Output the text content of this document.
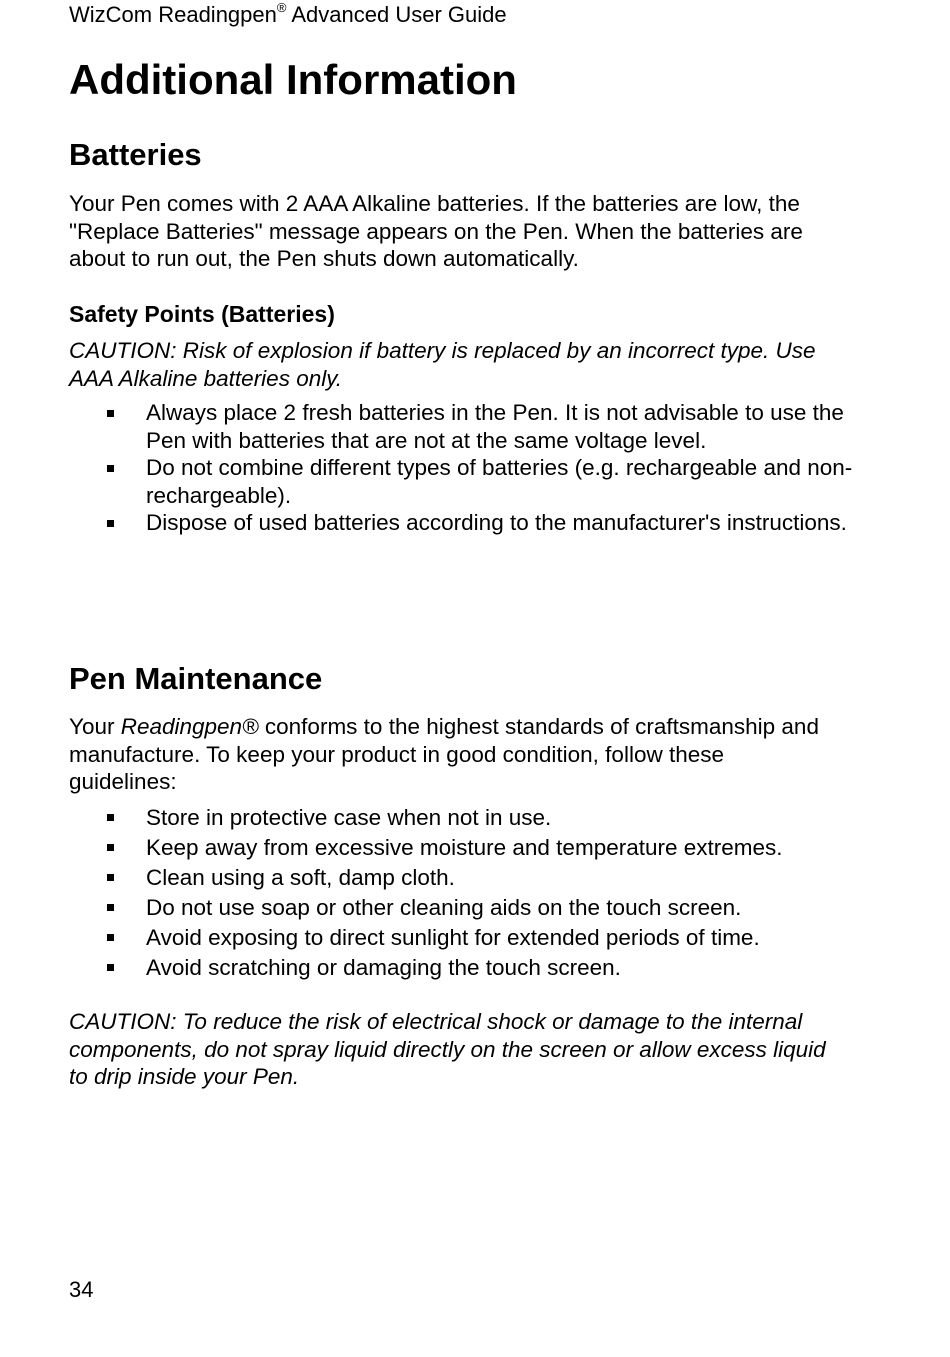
WizCom Readingpen® Advanced User Guide
Additional Information
Batteries

Your Pen comes with 2 AAA Alkaline batteries. If the batteries are low, the "Replace Batteries" message appears on the Pen. When the batteries are about to run out, the Pen shuts down automatically.

Safety Points (Batteries)

CAUTION: Risk of explosion if battery is replaced by an incorrect type. Use AAA Alkaline batteries only.

Always place 2 fresh batteries in the Pen. It is not advisable to use the Pen with batteries that are not at the same voltage level.
Do not combine different types of batteries (e.g. rechargeable and non-rechargeable).
Dispose of used batteries according to the manufacturer's instructions.
Pen Maintenance

Your Readingpen® conforms to the highest standards of craftsmanship and manufacture. To keep your product in good condition, follow these guidelines:

Store in protective case when not in use.
Keep away from excessive moisture and temperature extremes.
Clean using a soft, damp cloth.
Do not use soap or other cleaning aids on the touch screen.
Avoid exposing to direct sunlight for extended periods of time.
Avoid scratching or damaging the touch screen.

CAUTION: To reduce the risk of electrical shock or damage to the internal components, do not spray liquid directly on the screen or allow excess liquid to drip inside your Pen.

34
